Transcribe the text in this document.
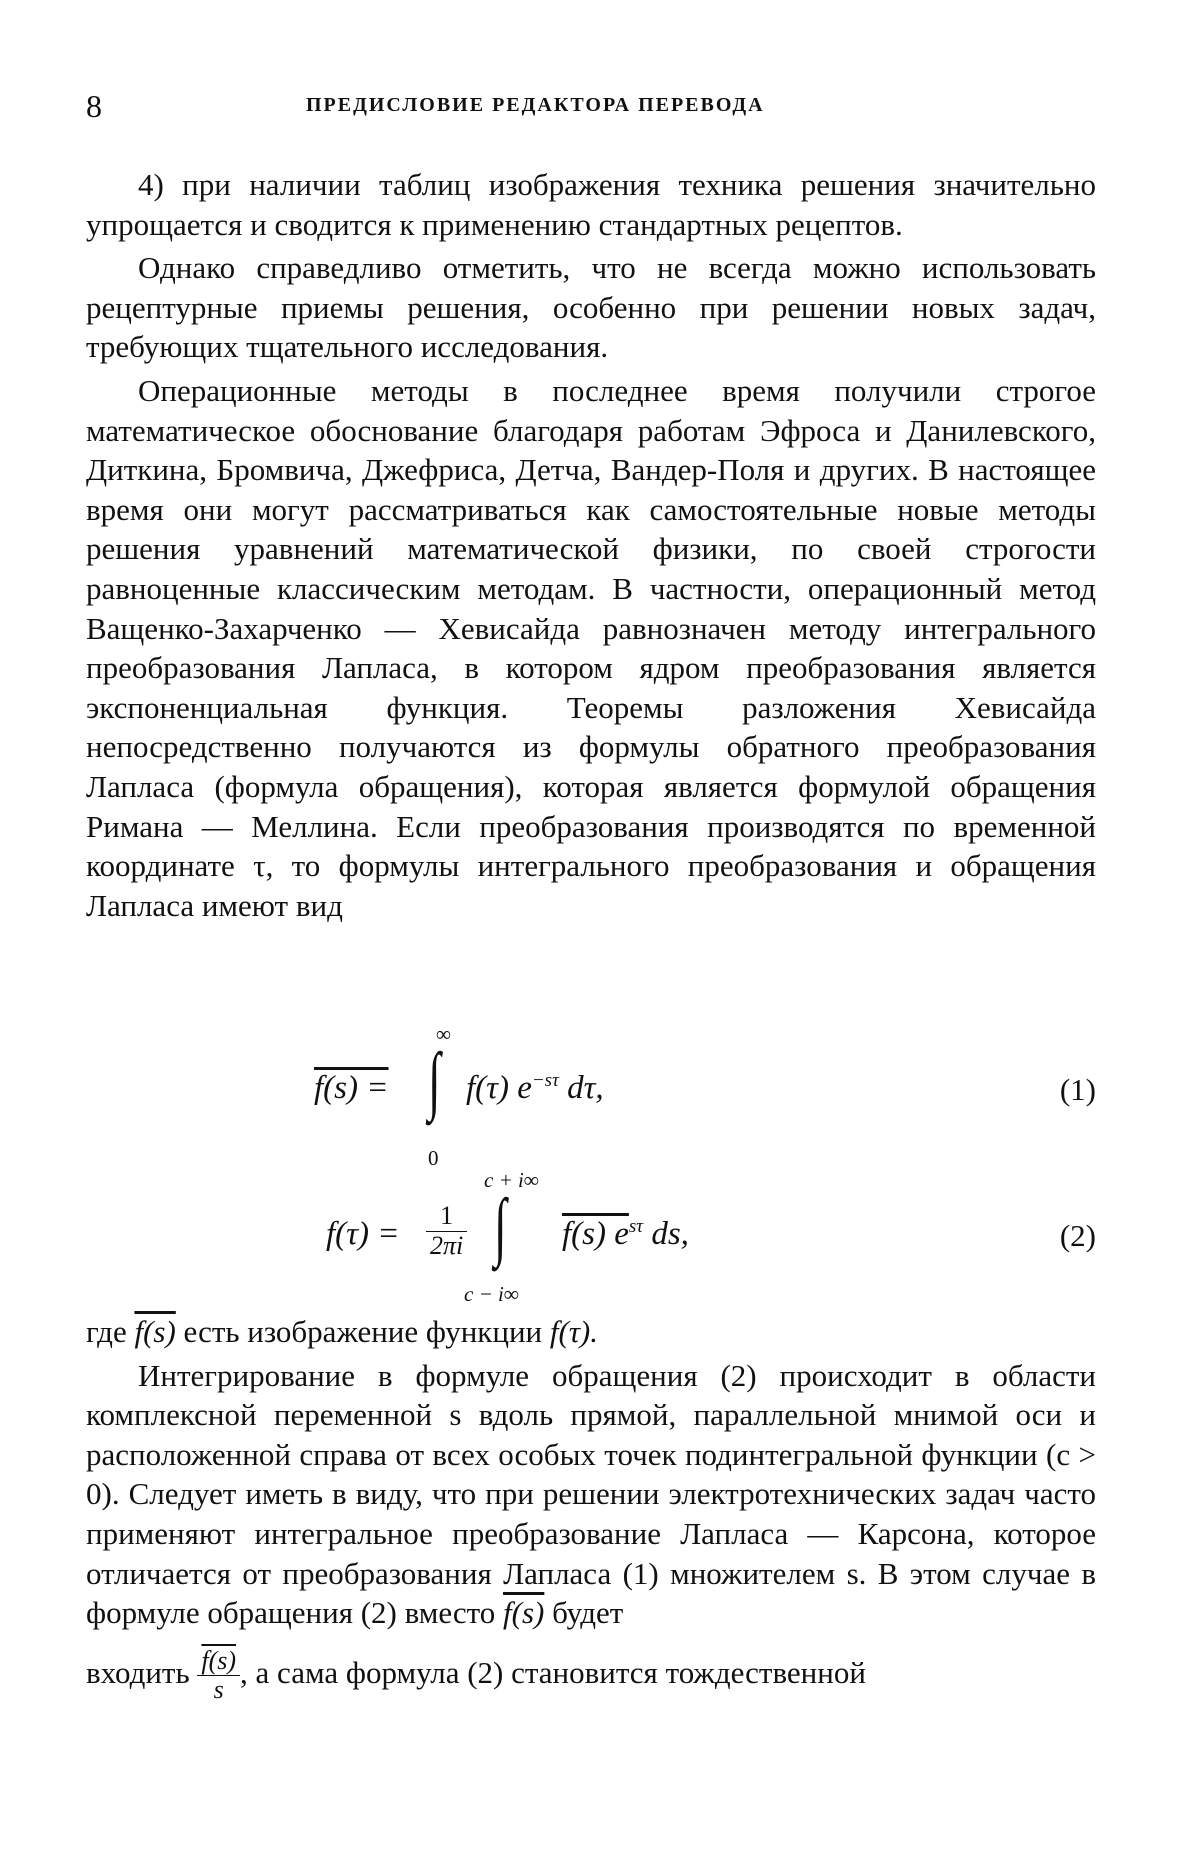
8	ПРЕДИСЛОВИЕ РЕДАКТОРА ПЕРЕВОДА

4) при наличии таблиц изображения техника решения значительно упрощается и сводится к применению стандартных рецептов.

Однако справедливо отметить, что не всегда можно использовать рецептурные приемы решения, особенно при решении новых задач, требующих тщательного исследования.

Операционные методы в последнее время получили строгое математическое обоснование благодаря работам Эфроса и Данилевского, Диткина, Бромвича, Джефриса, Детча, Вандер-Поля и других. В настоящее время они могут рассматриваться как самостоятельные новые методы решения уравнений математической физики, по своей строгости равноценные классическим методам. В частности, операционный метод Ващенко-Захарченко — Хевисайда равнозначен методу интегрального преобразования Лапласа, в котором ядром преобразования является экспоненциальная функция. Теоремы разложения Хевисайда непосредственно получаются из формулы обратного преобразования Лапласа (формула обращения), которая является формулой обращения Римана — Меллина. Если преобразования производятся по временной координате τ, то формулы интегрального преобразования и обращения Лапласа имеют вид

f(s) = ∫
∞
0
f(τ) $e^{-s\tau}$ dτ,	(1)
$f(\tau) = \frac{1}{2\pi i}$ ∫
c + i∞
c − i∞
f(s) $e^{s\tau}$ ds,	(2)

где f(s) есть изображение функции f(τ).

Интегрирование в формуле обращения (2) происходит в области комплексной переменной s вдоль прямой, параллельной мнимой оси и расположенной справа от всех особых точек подинтегральной функции (c > 0). Следует иметь в виду, что при решении электротехнических задач часто применяют интегральное преобразование Лапласа — Карсона, которое отличается от преобразования Лапласа (1) множителем s. В этом случае в формуле обращения (2) вместо f(s) будет

входить $\frac{f(s)}{s}$ , а сама формула (2) становится тождественной
